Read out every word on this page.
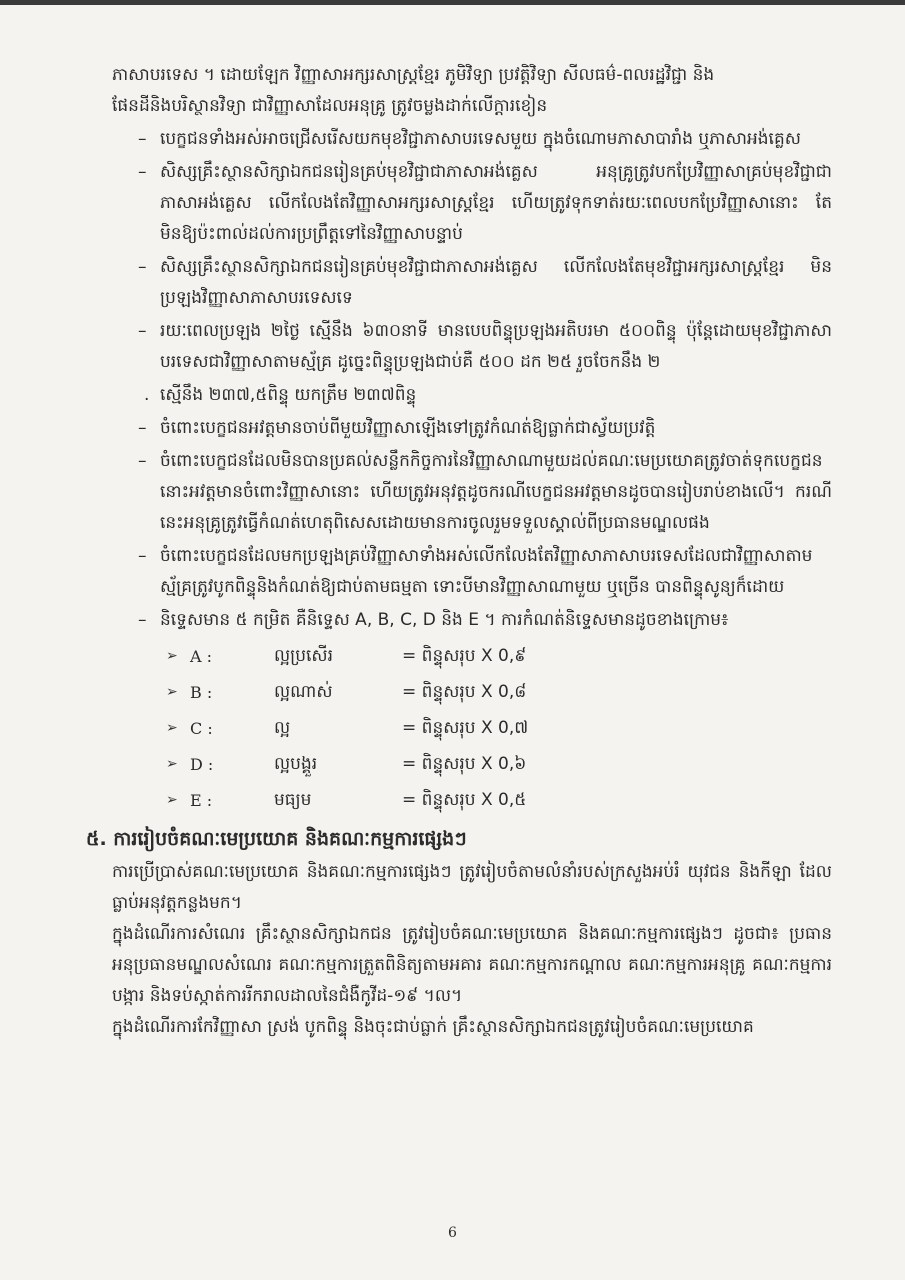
ភាសាបរទេស ។ ដោយឡែក វិញ្ញាសាអក្សរសាស្ត្រខ្មែរ ភូមិវិទ្យា ប្រវត្តិវិទ្យា សីលធម៌-ពលរដ្ឋវិជ្ជា និង

ផែនដីនិងបរិស្ថានវិទ្យា ជាវិញ្ញាសាដែលអនុគ្រូ ត្រូវចម្លងដាក់លើក្តារខៀន

– បេក្ខជនទាំងអស់អាចជ្រើសរើសយកមុខវិជ្ជាភាសាបរទេសមួយ ក្នុងចំណោមភាសាបារាំង ឬភាសាអង់គ្លេស
– សិស្សគ្រឹះស្ថានសិក្សាឯកជនរៀនគ្រប់មុខវិជ្ជាជាភាសាអង់គ្លេស អនុគ្រូត្រូវបកប្រែវិញ្ញាសាគ្រប់មុខវិជ្ជាជាភាសាអង់គ្លេស លើកលែងតែវិញ្ញាសាអក្សរសាស្ត្រខ្មែរ ហើយត្រូវទុកទាត់រយៈពេលបកប្រែវិញ្ញាសានោះ តែមិនឱ្យប៉ះពាល់ដល់ការប្រព្រឹត្តទៅនៃវិញ្ញាសាបន្ទាប់
– សិស្សគ្រឹះស្ថានសិក្សាឯកជនរៀនគ្រប់មុខវិជ្ជាជាភាសាអង់គ្លេស លើកលែងតែមុខវិជ្ជាអក្សរសាស្ត្រខ្មែរ មិនប្រឡងវិញ្ញាសាភាសាបរទេសទេ
– រយៈពេលប្រឡង ២ថ្ងៃ ស្មើនឹង ៦៣០នាទី មានបេបពិន្ទុប្រឡងអតិបរមា ៥០០ពិន្ទុ ប៉ុន្តែដោយមុខវិជ្ជាភាសាបរទេសជាវិញ្ញាសាតាមស្ម័គ្រ ដូច្នេះពិន្ទុប្រឡងជាប់គឺ ៥០០ ដក ២៥ រួចចែកនឹង ២
. ស្មើនឹង ២៣៧,៥ពិន្ទុ យកត្រឹម ២៣៧ពិន្ទុ
– ចំពោះបេក្ខជនអវត្តមានចាប់ពីមួយវិញ្ញាសាឡើងទៅត្រូវកំណត់ឱ្យធ្លាក់ជាស្វ័យប្រវត្តិ
– ចំពោះបេក្ខជនដែលមិនបានប្រគល់សន្លឹកកិច្ចការនៃវិញ្ញាសាណាមួយដល់គណៈមេប្រយោគត្រូវចាត់ទុកបេក្ខជននោះអវត្តមានចំពោះវិញ្ញាសានោះ ហើយត្រូវអនុវត្តដូចករណីបេក្ខជនអវត្តមានដូចបានរៀបរាប់ខាងលើ។ ករណីនេះអនុគ្រូត្រូវធ្វើកំណត់ហេតុពិសេសដោយមានការចូលរួមទទួលស្គាល់ពីប្រធានមណ្ឌលផង
– ចំពោះបេក្ខជនដែលមកប្រឡងគ្រប់វិញ្ញាសាទាំងអស់លើកលែងតែវិញ្ញាសាភាសាបរទេសដែលជាវិញ្ញាសាតាមស្ម័គ្រត្រូវបូកពិន្ទុនិងកំណត់ឱ្យជាប់តាមធម្មតា ទោះបីមានវិញ្ញាសាណាមួយ ឬច្រើន បានពិន្ទុសូន្យក៏ដោយ
– និទ្ទេសមាន ៥ កម្រិត គឺនិទ្ទេស A, B, C, D និង E ។ ការកំណត់និទ្ទេសមានដូចខាងក្រោម៖
➢ A :	ល្អប្រសើរ	= ពិន្ទុសរុប X 0,៩
➢ B :	ល្អណាស់	= ពិន្ទុសរុប X 0,៨
➢ C :	ល្អ	= ពិន្ទុសរុប X 0,៧
➢ D :	ល្អបង្គួរ	= ពិន្ទុសរុប X 0,៦
➢ E :	មធ្យម	= ពិន្ទុសរុប X 0,៥
៥. ការរៀបចំគណៈមេប្រយោគ និងគណៈកម្មការផ្សេងៗ

ការប្រើប្រាស់គណៈមេប្រយោគ និងគណៈកម្មការផ្សេងៗ ត្រូវរៀបចំតាមលំនាំរបស់ក្រសួងអប់រំ យុវជន និងកីឡា ដែលធ្លាប់អនុវត្តកន្លងមក។

ក្នុងដំណើរការសំណេរ គ្រឹះស្ថានសិក្សាឯកជន ត្រូវរៀបចំគណៈមេប្រយោគ និងគណៈកម្មការផ្សេងៗ ដូចជា៖ ប្រធាន អនុប្រធានមណ្ឌលសំណេរ គណៈកម្មការត្រួតពិនិត្យតាមអគារ គណៈកម្មការកណ្តាល គណៈកម្មការអនុគ្រូ គណៈកម្មការបង្ការ និងទប់ស្កាត់ការរីករាលដាលនៃជំងឺកូវីដ-១៩ ។ល។

ក្នុងដំណើរការកែវិញ្ញាសា ស្រង់ បូកពិន្ទុ និងចុះជាប់ធ្លាក់ គ្រឹះស្ថានសិក្សាឯកជនត្រូវរៀបចំគណៈមេប្រយោគ

6
